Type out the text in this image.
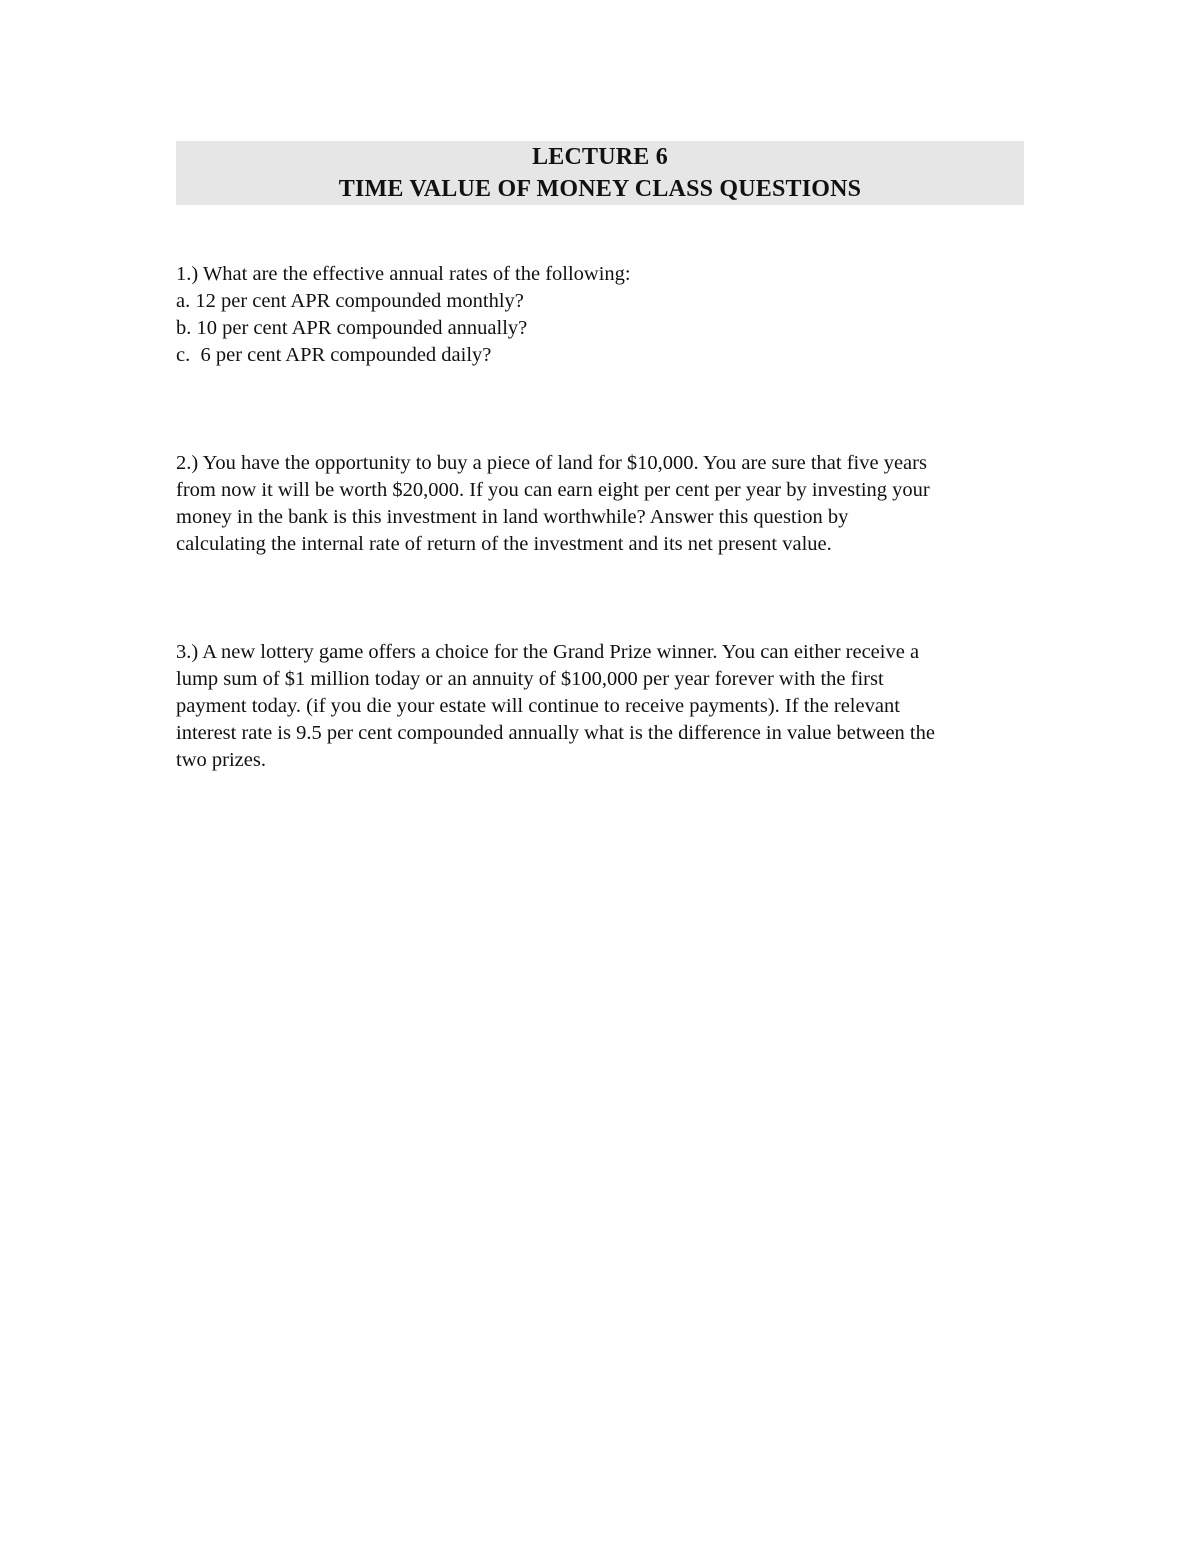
LECTURE 6
TIME VALUE OF MONEY CLASS QUESTIONS
1.) What are the effective annual rates of the following:
a. 12 per cent APR compounded monthly?
b. 10 per cent APR compounded annually?
c.  6 per cent APR compounded daily?
2.) You have the opportunity to buy a piece of land for $10,000. You are sure that five years
from now it will be worth $20,000. If you can earn eight per cent per year by investing your
money in the bank is this investment in land worthwhile? Answer this question by
calculating the internal rate of return of the investment and its net present value.
3.) A new lottery game offers a choice for the Grand Prize winner. You can either receive a
lump sum of $1 million today or an annuity of $100,000 per year forever with the first
payment today. (if you die your estate will continue to receive payments). If the relevant
interest rate is 9.5 per cent compounded annually what is the difference in value between the
two prizes.
